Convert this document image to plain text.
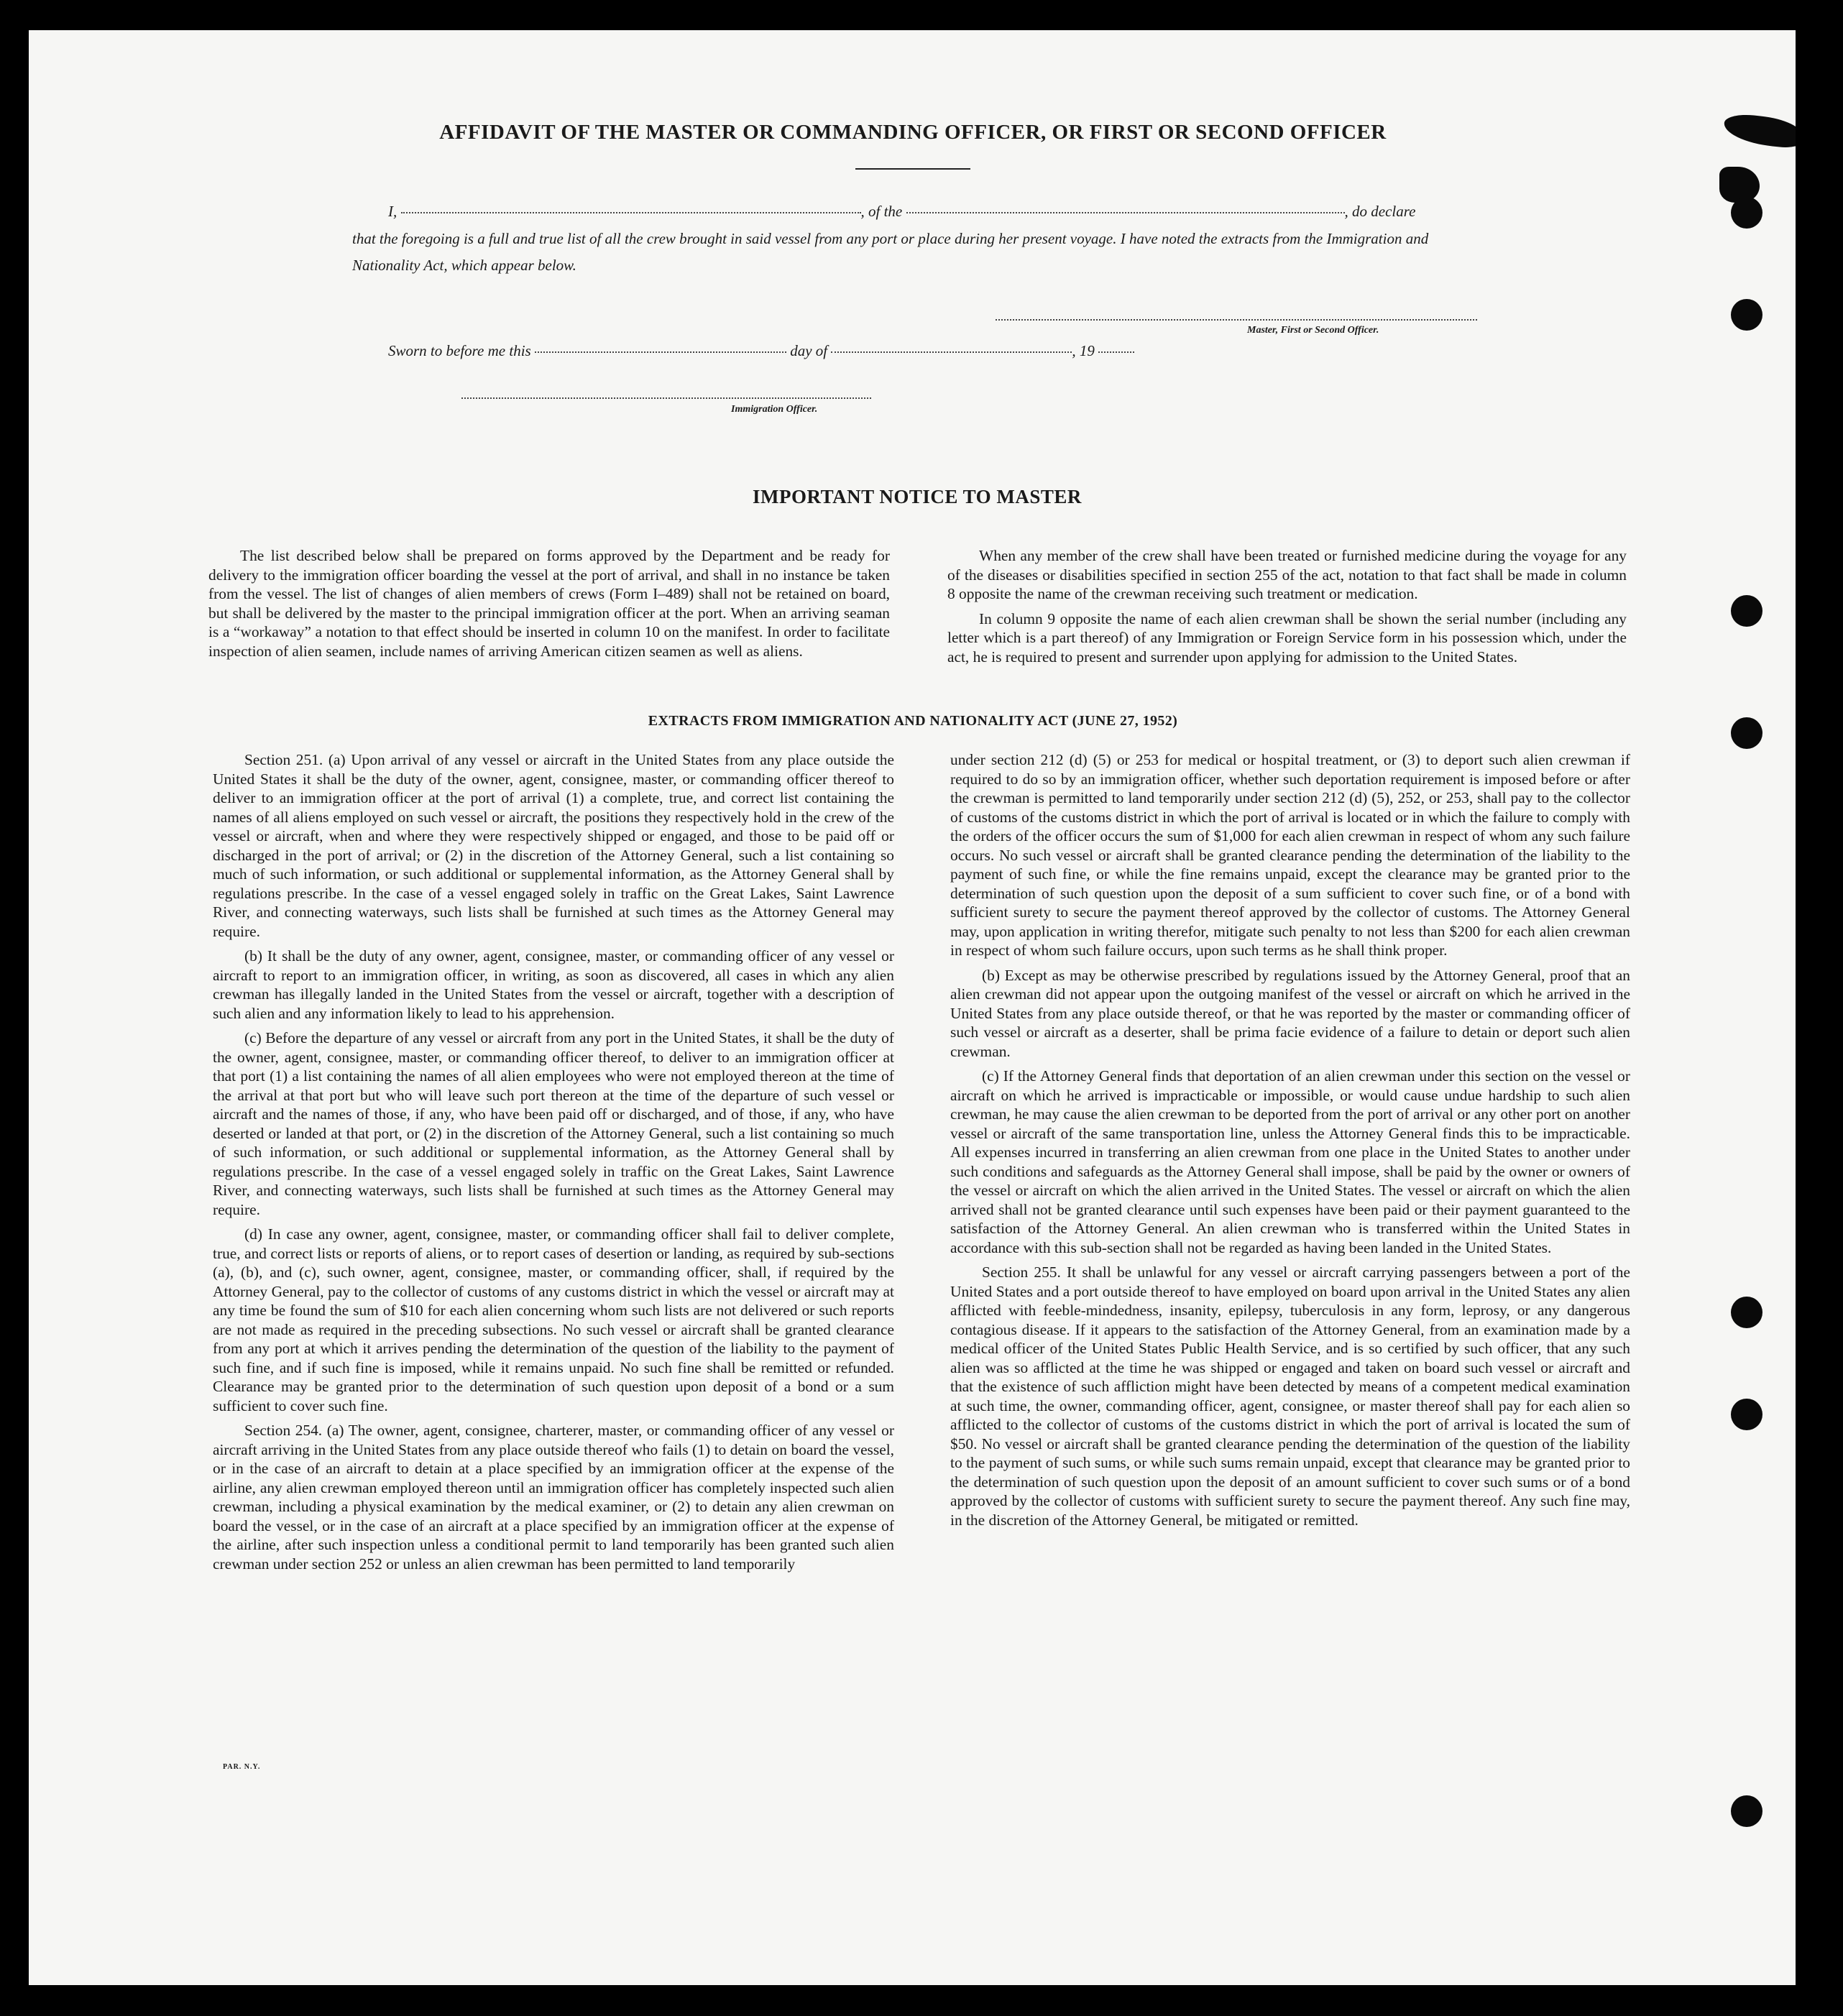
AFFIDAVIT OF THE MASTER OR COMMANDING OFFICER, OR FIRST OR SECOND OFFICER
I,	, of the	, do declare
that the foregoing is a full and true list of all the crew brought in said vessel from any port or place during her present voyage. I have noted the extracts from the Immigration and Nationality Act, which appear below.
Master, First or Second Officer.
Sworn to before me this	day of	, 19
Immigration Officer.
IMPORTANT NOTICE TO MASTER

The list described below shall be prepared on forms approved by the Department and be ready for delivery to the immigration officer boarding the vessel at the port of arrival, and shall in no instance be taken from the vessel. The list of changes of alien members of crews (Form I–489) shall not be retained on board, but shall be delivered by the master to the principal immigration officer at the port. When an arriving seaman is a “workaway” a notation to that effect should be inserted in column 10 on the manifest. In order to facilitate inspection of alien seamen, include names of arriving American citizen seamen as well as aliens.

When any member of the crew shall have been treated or furnished medicine during the voyage for any of the diseases or disabilities specified in section 255 of the act, notation to that fact shall be made in column 8 opposite the name of the crewman receiving such treatment or medication.

In column 9 opposite the name of each alien crewman shall be shown the serial number (including any letter which is a part thereof) of any Immigration or Foreign Service form in his possession which, under the act, he is required to present and surrender upon applying for admission to the United States.

EXTRACTS FROM IMMIGRATION AND NATIONALITY ACT (JUNE 27, 1952)

Section 251. (a) Upon arrival of any vessel or aircraft in the United States from any place outside the United States it shall be the duty of the owner, agent, consignee, master, or commanding officer thereof to deliver to an immigration officer at the port of arrival (1) a complete, true, and correct list containing the names of all aliens employed on such vessel or aircraft, the positions they respectively hold in the crew of the vessel or aircraft, when and where they were respectively shipped or engaged, and those to be paid off or discharged in the port of arrival; or (2) in the discretion of the Attorney General, such a list containing so much of such information, or such additional or supplemental information, as the Attorney General shall by regulations prescribe. In the case of a vessel engaged solely in traffic on the Great Lakes, Saint Lawrence River, and connecting waterways, such lists shall be furnished at such times as the Attorney General may require.

(b) It shall be the duty of any owner, agent, consignee, master, or commanding officer of any vessel or aircraft to report to an immigration officer, in writing, as soon as discovered, all cases in which any alien crewman has illegally landed in the United States from the vessel or aircraft, together with a description of such alien and any information likely to lead to his apprehension.

(c) Before the departure of any vessel or aircraft from any port in the United States, it shall be the duty of the owner, agent, consignee, master, or commanding officer thereof, to deliver to an immigration officer at that port (1) a list containing the names of all alien employees who were not employed thereon at the time of the arrival at that port but who will leave such port thereon at the time of the departure of such vessel or aircraft and the names of those, if any, who have been paid off or discharged, and of those, if any, who have deserted or landed at that port, or (2) in the discretion of the Attorney General, such a list containing so much of such information, or such additional or supplemental information, as the Attorney General shall by regulations prescribe. In the case of a vessel engaged solely in traffic on the Great Lakes, Saint Lawrence River, and connecting waterways, such lists shall be furnished at such times as the Attorney General may require.

(d) In case any owner, agent, consignee, master, or commanding officer shall fail to deliver complete, true, and correct lists or reports of aliens, or to report cases of desertion or landing, as required by sub-sections (a), (b), and (c), such owner, agent, consignee, master, or commanding officer, shall, if required by the Attorney General, pay to the collector of customs of any customs district in which the vessel or aircraft may at any time be found the sum of $10 for each alien concerning whom such lists are not delivered or such reports are not made as required in the preceding subsections. No such vessel or aircraft shall be granted clearance from any port at which it arrives pending the determination of the question of the liability to the payment of such fine, and if such fine is imposed, while it remains unpaid. No such fine shall be remitted or refunded. Clearance may be granted prior to the determination of such question upon deposit of a bond or a sum sufficient to cover such fine.

Section 254. (a) The owner, agent, consignee, charterer, master, or commanding officer of any vessel or aircraft arriving in the United States from any place outside thereof who fails (1) to detain on board the vessel, or in the case of an aircraft to detain at a place specified by an immigration officer at the expense of the airline, any alien crewman employed thereon until an immigration officer has completely inspected such alien crewman, including a physical examination by the medical examiner, or (2) to detain any alien crewman on board the vessel, or in the case of an aircraft at a place specified by an immigration officer at the expense of the airline, after such inspection unless a conditional permit to land temporarily has been granted such alien crewman under section 252 or unless an alien crewman has been permitted to land temporarily

under section 212 (d) (5) or 253 for medical or hospital treatment, or (3) to deport such alien crewman if required to do so by an immigration officer, whether such deportation requirement is imposed before or after the crewman is permitted to land temporarily under section 212 (d) (5), 252, or 253, shall pay to the collector of customs of the customs district in which the port of arrival is located or in which the failure to comply with the orders of the officer occurs the sum of $1,000 for each alien crewman in respect of whom any such failure occurs. No such vessel or aircraft shall be granted clearance pending the determination of the liability to the payment of such fine, or while the fine remains unpaid, except the clearance may be granted prior to the determination of such question upon the deposit of a sum sufficient to cover such fine, or of a bond with sufficient surety to secure the payment thereof approved by the collector of customs. The Attorney General may, upon application in writing therefor, mitigate such penalty to not less than $200 for each alien crewman in respect of whom such failure occurs, upon such terms as he shall think proper.

(b) Except as may be otherwise prescribed by regulations issued by the Attorney General, proof that an alien crewman did not appear upon the outgoing manifest of the vessel or aircraft on which he arrived in the United States from any place outside thereof, or that he was reported by the master or commanding officer of such vessel or aircraft as a deserter, shall be prima facie evidence of a failure to detain or deport such alien crewman.

(c) If the Attorney General finds that deportation of an alien crewman under this section on the vessel or aircraft on which he arrived is impracticable or impossible, or would cause undue hardship to such alien crewman, he may cause the alien crewman to be deported from the port of arrival or any other port on another vessel or aircraft of the same transportation line, unless the Attorney General finds this to be impracticable. All expenses incurred in transferring an alien crewman from one place in the United States to another under such conditions and safeguards as the Attorney General shall impose, shall be paid by the owner or owners of the vessel or aircraft on which the alien arrived in the United States. The vessel or aircraft on which the alien arrived shall not be granted clearance until such expenses have been paid or their payment guaranteed to the satisfaction of the Attorney General. An alien crewman who is transferred within the United States in accordance with this sub-section shall not be regarded as having been landed in the United States.

Section 255. It shall be unlawful for any vessel or aircraft carrying passengers between a port of the United States and a port outside thereof to have employed on board upon arrival in the United States any alien afflicted with feeble-mindedness, insanity, epilepsy, tuberculosis in any form, leprosy, or any dangerous contagious disease. If it appears to the satisfaction of the Attorney General, from an examination made by a medical officer of the United States Public Health Service, and is so certified by such officer, that any such alien was so afflicted at the time he was shipped or engaged and taken on board such vessel or aircraft and that the existence of such affliction might have been detected by means of a competent medical examination at such time, the owner, commanding officer, agent, consignee, or master thereof shall pay for each alien so afflicted to the collector of customs of the customs district in which the port of arrival is located the sum of $50. No vessel or aircraft shall be granted clearance pending the determination of the question of the liability to the payment of such sums, or while such sums remain unpaid, except that clearance may be granted prior to the determination of such question upon the deposit of an amount sufficient to cover such sums or of a bond approved by the collector of customs with sufficient surety to secure the payment thereof. Any such fine may, in the discretion of the Attorney General, be mitigated or remitted.

PAR. N.Y.
